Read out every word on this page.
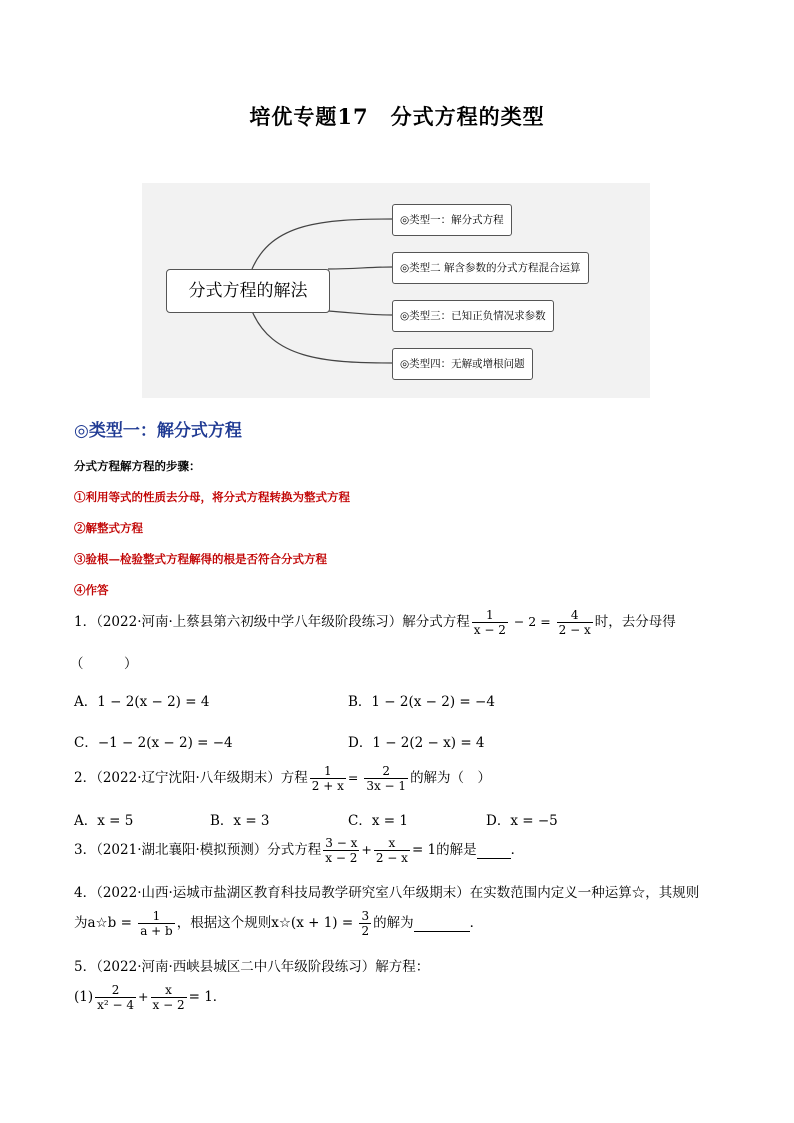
培优专题17　分式方程的类型
分式方程的解法
◎类型一：解分式方程
◎类型二 解含参数的分式方程混合运算
◎类型三：已知正负情况求参数
◎类型四：无解或增根问题
◎类型一：解分式方程
分式方程解方程的步骤：
①利用等式的性质去分母，将分式方程转换为整式方程
②解整式方程
③验根—检验整式方程解得的根是否符合分式方程
④作答
1．（2022·河南·上蔡县第六初级中学八年级阶段练习）解分式方程 $\frac{1}{x - 2} - 2 = \frac{4}{2 - x}$ 时，去分母得
（　　　）
A．1 − 2(x − 2) = 4	B．1 − 2(x − 2) = −4
C．−1 − 2(x − 2) = −4	D．1 − 2(2 − x) = 4
2．（2022·辽宁沈阳·八年级期末）方程 $\frac{1}{2 + x} = \frac{2}{3x - 1}$ 的解为（　）
A．x = 5	B．x = 3	C．x = 1	D．x = −5
3．（2021·湖北襄阳·模拟预测）分式方程 $\frac{3 - x}{x - 2} + \frac{x}{2 - x} = 1$的解是	．
4．（2022·山西·运城市盐湖区教育科技局教学研究室八年级期末）在实数范围内定义一种运算☆，其规则
为a☆b = $\frac{1}{a + b}$ ，根据这个规则x☆(x + $1) = \frac{3}{2}$ 的解为	．
5．（2022·河南·西峡县城区二中八年级阶段练习）解方程：
$(1) \frac{2}{\text{x² − 4}} + \frac{x}{x - 2} = 1$．
